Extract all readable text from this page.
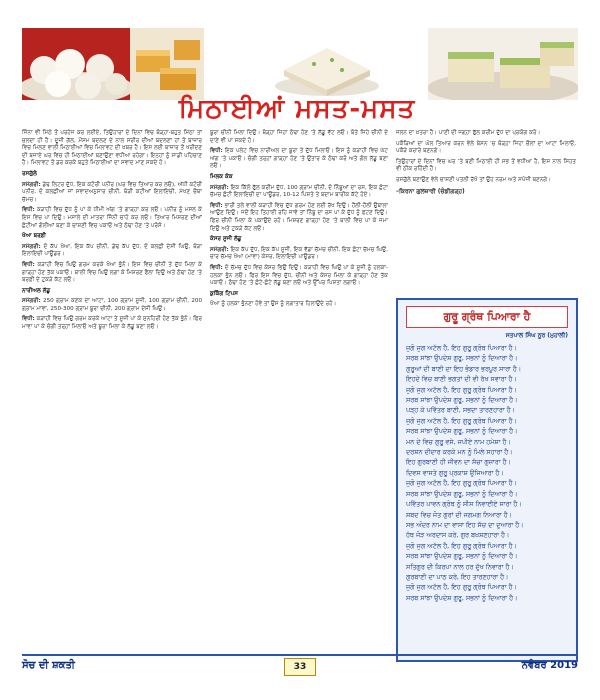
ਮਿਠਾਈਆਂ ਮਸਤ-ਮਸਤ

ਜਿੰਨਾ ਵੀ ਮਿੱਠੇ ਤੋਂ ਪਰਹੇਜ ਕਰ ਲਈਏ, ਤਿਉਹਾਰਾਂ ਦੇ ਦਿਨਾਂ ਵਿਚ ਥੋੜ੍ਹਾ-ਬਹੁਤ ਮਿੱਠਾ ਤਾਂ ਚਲਦਾ ਹੀ ਹੈ। ਦੂਜੀ ਗੱਲ, ਮੌਸਮ ਬਦਲਣ ਦੇ ਨਾਲ ਸਰੀਰ ਦੀਆਂ ਬਦਲਣਾਂ ਹਾਂ ਤੋਂ ਬਾਜ਼ਾਰ ਵਿਚ ਮਿਲਣ ਵਾਲੀ ਮਿਠਾਈਆਂ ਵਿਚ ਮਿਲਾਵਟ ਦੀ ਖ਼ਬਰ ਹੈ। ਇਸ ਲਈ ਬਾਜ਼ਾਰ ਤੋਂ ਖਰੀਦਣ ਦੀ ਬਜਾਏ ਘਰ ਵਿਚ ਹੀ ਮਿਠਾਈਆਂ ਬਣਾਉਣਾ ਵਧੀਆ ਰਹੇਗਾ। ਇਨ੍ਹਾਂ ਨੂੰ ਸਾਡੀ ਪਹਿਚਾਣ ਹੈ। ਮਿਲਾਵਟ ਤੋਂ ਡਰ ਕਰਕੇ ਬਹੁਤੇ ਮਿਠਾਈਆਂ ਦਾ ਸਵਾਦ ਮਾਣ ਸਕਦੇ ਹੋ।

ਰਸਗੁੱਲੇ

ਸਮੱਗਰੀ: ਡੇਢ ਲਿਟਰ ਦੁੱਧ, ਇਕ ਕਟੋਰੀ ਪਨੀਰ (ਘਰ ਵਿਚ ਤਿਆਰ ਕਰ ਲਓ), ਅੱਧੀ ਕਟੋਰੀ ਪਨੀਰ, ਦੋ ਕਲਛੀਆਂ ਜਾਂ ਸਵਾਦਅਨੁਸਾਰ ਚੀਨੀ, ਥੋੜੀ ਕਟੀਆਂ ਇਲਾਇਚੀ, ਮੱਖਣ ਚੌਥਾ ਚੱਮਚ।

ਵਿਧੀ: ਕੜਾਹੀ ਵਿਚ ਦੁੱਧ ਨੂੰ ਪਾ ਕੇ ਧੀਮੀ ਅੱਗ ’ਤੇ ਗਾੜ੍ਹਾ ਕਰ ਲਓ। ਪਨੀਰ ਨੂੰ ਮਸਲ ਕੇ ਇਸ ਵਿਚ ਪਾ ਦਿਉ। ਮਸਾਲੇ ਦੀ ਮਾਤਰਾ ਜਿੰਨੀ ਚਾਹੋ ਕਰ ਲਓ। ਤਿਆਰ ਮਿਸ਼ਰਣ ਦੀਆਂ ਛੋਟੀਆਂ ਗੋਲੀਆਂ ਬਣਾ ਕੇ ਚਾਸ਼ਣੀ ਵਿਚ ਪਕਾਓ ਅਤੇ ਠੰਢਾ ਹੋਣ ’ਤੇ ਪਰੋਸੋ।

ਖੋਆ ਬਰਫ਼ੀ

ਸਮੱਗਰੀ: ਦੋ ਕੱਪ ਖੋਆ, ਇਕ ਕੱਪ ਚੀਨੀ, ਡੇਢ ਕੱਪ ਦੁੱਧ, ਦੋ ਕਲਛੀ ਦੇਸੀ ਘਿਉ, ਥੋੜਾ ਇਲਾਇਚੀ ਪਾਊਡਰ।

ਵਿਧੀ: ਕੜਾਹੀ ਵਿਚ ਘਿਉ ਗਰਮ ਕਰਕੇ ਖੋਆ ਭੁੰਨੋ। ਇਸ ਵਿਚ ਚੀਨੀ ਤੇ ਦੁੱਧ ਮਿਲਾ ਕੇ ਗਾੜ੍ਹਾ ਹੋਣ ਤੱਕ ਪਕਾਓ। ਥਾਲੀ ਵਿਚ ਘਿਉ ਲਗਾ ਕੇ ਮਿਸ਼ਰਣ ਫੈਲਾ ਦਿਉ ਅਤੇ ਠੰਢਾ ਹੋਣ ’ਤੇ ਬਰਫ਼ੀ ਦੇ ਟੁਕੜੇ ਕੱਟ ਲਓ।

ਨਾਰੀਅਲ ਲੱਡੂ

ਸਮੱਗਰੀ: 250 ਗ੍ਰਾਮ ਕਣਕ ਦਾ ਆਟਾ, 100 ਗ੍ਰਾਮ ਸੂਜੀ, 100 ਗ੍ਰਾਮ ਚੀਨੀ, 200 ਗ੍ਰਾਮ ਮਾਵਾ, 250-300 ਗ੍ਰਾਮ ਬੂਰਾ ਚੀਨੀ, 200 ਗ੍ਰਾਮ ਦੇਸੀ ਘਿਉ।

ਵਿਧੀ: ਕੜਾਹੀ ਵਿਚ ਘਿਉ ਗਰਮ ਕਰਕੇ ਆਟਾ ਤੇ ਸੂਜੀ ਪਾ ਕੇ ਸੁਨਹਿਰੀ ਹੋਣ ਤੱਕ ਭੁੰਨੋ। ਫਿਰ ਮਾਵਾ ਪਾ ਕੇ ਚੰਗੀ ਤਰ੍ਹਾਂ ਮਿਲਾਓ ਅਤੇ ਬੂਰਾ ਮਿਲਾ ਕੇ ਲੱਡੂ ਬਣਾ ਲਓ।

ਬੂਰਾ ਚੀਨੀ ਮਿਲਾ ਦਿਉ। ਥੋੜ੍ਹਾ ਜਿਹਾ ਠੰਢਾ ਹੋਣ ’ਤੇ ਲੱਡੂ ਵੱਟ ਲਓ। ਬੋਤੇ ਜਿਹੇ ਚੀਨੀ ਦੇ ਦਾਣੇ ਵੀ ਪਾ ਸਕਦੇ ਹੋ।

ਵਿਧੀ: ਇਕ ਪਲੇਟ ਵਿਚ ਨਾਰੀਅਲ ਦਾ ਬੂਰਾ ਤੇ ਦੁੱਧ ਮਿਲਾਓ। ਇਸ ਨੂੰ ਕੜਾਹੀ ਵਿਚ ਘੱਟ ਅੱਗ ’ਤੇ ਪਕਾਓ। ਚੰਗੀ ਤਰ੍ਹਾਂ ਗਾੜ੍ਹਾ ਹੋਣ ’ਤੇ ਉਤਾਰ ਕੇ ਠੰਢਾ ਕਰੋ ਅਤੇ ਗੋਲ ਲੱਡੂ ਬਣਾ ਲਓ।

ਮਿਲਕ ਕੇਕ

ਸਮੱਗਰੀ: ਇਕ ਕਿੱਲੋ ਫੁੱਲ ਕਰੀਮ ਦੁੱਧ, 100 ਗ੍ਰਾਮ ਚੀਨੀ, ਦੋ ਨਿੰਬੂਆਂ ਦਾ ਰਸ, ਇਕ ਛੋਟਾ ਚੱਮਚ ਛੋਟੀ ਇਲਾਇਚੀ ਦਾ ਪਾਊਡਰ, 10-12 ਪਿਸ਼ਤੇ ਤੇ ਬਦਾਮ ਬਾਰੀਕ ਕੱਟੇ ਹੋਏ।

ਵਿਧੀ: ਭਾਰੀ ਤਲੇ ਵਾਲੀ ਕੜਾਹੀ ਵਿਚ ਦੁੱਧ ਗਰਮ ਹੋਣ ਲਈ ਰੱਖ ਦਿਉ। ਹੌਲੀ-ਹੌਲੀ ਉਬਾਲਾ ਆਉਣ ਦਿਉ। ਜਦੋਂ ਇਹ ਤਿਹਾਈ ਰਹਿ ਜਾਵੇ ਤਾਂ ਨਿੰਬੂ ਦਾ ਰਸ ਪਾ ਕੇ ਦੁੱਧ ਨੂੰ ਫਟਣ ਦਿਉ। ਫਿਰ ਚੀਨੀ ਮਿਲਾ ਕੇ ਪਕਾਉਂਦੇ ਰਹੋ। ਮਿਸ਼ਰਣ ਗਾੜ੍ਹਾ ਹੋਣ ’ਤੇ ਥਾਲੀ ਵਿਚ ਪਾ ਕੇ ਜਮਾ ਦਿਉ ਅਤੇ ਟੁਕੜੇ ਕੱਟ ਲਓ।

ਕੇਸਰ ਸੂਜੀ ਲੱਡੂ

ਸਮੱਗਰੀ: ਇਕ ਕੱਪ ਦੁੱਧ, ਇਕ ਕੱਪ ਸੂਜੀ, ਇਕ ਵੱਡਾ ਚੱਮਚ ਚੀਨੀ, ਇਕ ਛੋਟਾ ਚੱਮਚ ਘਿਉ, ਚਾਰ ਚੱਮਚ ਖੋਆ (ਮਾਵਾ) ਕੇਸਰ, ਇਲਾਇਚੀ ਪਾਊਡਰ।

ਵਿਧੀ: ਦੋ ਚੱਮਚ ਦੁੱਧ ਵਿਚ ਕੇਸਰ ਭਿਉਂ ਦਿਉ। ਕੜਾਹੀ ਵਿਚ ਘਿਉ ਪਾ ਕੇ ਸੂਜੀ ਨੂੰ ਹਲਕਾ-ਹਲਕਾ ਭੁੰਨ ਲਓ। ਫਿਰ ਇਸ ਵਿਚ ਦੁੱਧ, ਚੀਨੀ ਅਤੇ ਕੇਸਰ ਮਿਲਾ ਕੇ ਗਾੜ੍ਹਾ ਹੋਣ ਤੱਕ ਪਕਾਓ। ਠੰਢਾ ਹੋਣ ’ਤੇ ਛੋਟੇ-ਛੋਟੇ ਲੱਡੂ ਬਣਾ ਲਓ ਅਤੇ ਉੱਪਰ ਪਿਸ਼ਤਾ ਲਗਾਓ।

ਕੁਕਿੰਗ ਟਿਪਸ

ਖੋਆ ਨੂੰ ਹਲਕਾ ਭੁੰਨਣਾ ਹੋਵੇ ਤਾਂ ਉਸ ਨੂੰ ਲਗਾਤਾਰ ਹਿਲਾਉਂਦੇ ਰਹੋ।

ਜਲਨ ਦਾ ਖ਼ਤਰਾ ਹੈ। ਪਾਣੀ ਦੀ ਜਗ੍ਹਾ ਫੁੱਲ ਕਰੀਮ ਦੁੱਧ ਦਾ ਪ੍ਰਯੋਗ ਕਰੋ।

ਪਕੌੜਿਆਂ ਦਾ ਘੋਲ ਤਿਆਰ ਕਰਨ ਵੇਲੇ ਬੇਸਨ ’ਚ ਥੋੜ੍ਹਾ ਜਿਹਾ ਚੌਲਾਂ ਦਾ ਆਟਾ ਮਿਲਾਓ, ਪਕੌੜੇ ਕਰਾਰੇ ਬਣਨਗੇ।

ਤਿਉਹਾਰਾਂ ਦੇ ਦਿਨਾਂ ਵਿਚ ਘਰ ’ਤੇ ਬਣੀ ਮਿਠਾਈ ਹੀ ਸਭ ਤੋਂ ਵਧੀਆ ਹੈ, ਇਸ ਨਾਲ ਸਿਹਤ ਵੀ ਠੀਕ ਰਹਿੰਦੀ ਹੈ।

ਰਸਗੁੱਲੇ ਬਣਾਉਣ ਵੇਲੇ ਚਾਸ਼ਣੀ ਪਤਲੀ ਰੱਖੋ ਤਾਂ ਉਹ ਨਰਮ ਅਤੇ ਸਪੰਜੀ ਬਣਨਗੇ।

–ਕਿਰਨਾ ਗੁਲਜ਼ਾਰੀ (ਚੰਡੀਗੜ੍ਹ)

ਗੁਰੂ ਗ੍ਰੰਥ ਪਿਆਰਾ ਹੈ
ਸਤਪਾਲ ਸਿੰਘ ਨੂਰ (ਮੁਹਾਲੀ)
ਜੁਗੋ ਜੁਗ ਅਟੱਲ ਹੈ, ਇਹ ਗੁਰੂ ਗ੍ਰੰਥ ਪਿਆਰਾ ਹੈ।
ਸਰਬ ਸਾਂਝਾ ਉਪਦੇਸ਼ ਗੁਰੂ, ਸਭਨਾਂ ਨੂੰ ਦਿਆਰਾ ਹੈ।
ਗੁਰੂਆਂ ਦੀ ਬਾਣੀ ਦਾ ਇਹ ਭੰਡਾਰ ਭਰਪੂਰ ਸਾਰਾ ਹੈ।
ਇਹਦੇ ਵਿਚ ਬਾਣੀ ਭਗਤਾਂ ਦੀ ਵੀ ਰੱਖ ਸਵਾਰਾ ਹੈ।
ਜੁਗੋ ਜੁਗ ਅਟੱਲ ਹੈ, ਇਹ ਗੁਰੂ ਗ੍ਰੰਥ ਪਿਆਰਾ ਹੈ।
ਸਰਬ ਸਾਂਝਾ ਉਪਦੇਸ਼ ਗੁਰੂ, ਸਭਨਾਂ ਨੂੰ ਦਿਆਰਾ ਹੈ।
ਪੜ੍ਹ ਕੇ ਪਵਿੱਤਰ ਬਾਣੀ, ਸਭਦਾ ਤਾਰਣਹਾਰਾ ਹੈ।
ਜੁਗੋ ਜੁਗ ਅਟੱਲ ਹੈ, ਇਹ ਗੁਰੂ ਗ੍ਰੰਥ ਪਿਆਰਾ ਹੈ।
ਸਰਬ ਸਾਂਝਾ ਉਪਦੇਸ਼ ਗੁਰੂ, ਸਭਨਾਂ ਨੂੰ ਦਿਆਰਾ ਹੈ।
ਮਨ ਦੇ ਵਿਚ ਗੁਰੂ ਵਸੇ, ਜਪੀਏ ਨਾਮ ਹਮੇਸ਼ਾ ਹੈ।
ਦਰਸ਼ਨ ਦੀਦਾਰ ਕਰਕੇ ਮਨ ਨੂੰ ਮਿਲੇ ਸਹਾਰਾ ਹੈ।
ਇਹ ਗੁਰਬਾਣੀ ਹੀ ਜੀਵਨ ਦਾ ਸੱਚਾ ਗੁਜ਼ਾਰਾ ਹੈ।
ਦਿਵਸ ਵਾਸਤੇ ਗੁਰੂ ਪ੍ਰਕਾਸ਼ ਉਜਿਆਰਾ ਹੈ।
ਜੁਗੋ ਜੁਗ ਅਟੱਲ ਹੈ, ਇਹ ਗੁਰੂ ਗ੍ਰੰਥ ਪਿਆਰਾ ਹੈ।
ਸਰਬ ਸਾਂਝਾ ਉਪਦੇਸ਼ ਗੁਰੂ, ਸਭਨਾਂ ਨੂੰ ਦਿਆਰਾ ਹੈ।
ਪਵਿੱਤਰ ਪਾਵਨ ਗ੍ਰੰਥ ਨੂੰ ਸੀਸ ਨਿਵਾਈਏ ਸਾਰਾ ਹੈ।
ਸ਼ਬਦ ਵਿਚ ਜੋਤ ਗੁਰਾਂ ਦੀ ਜਗਮਗ ਨਿਆਰਾ ਹੈ।
ਸਭ ਅੰਦਰ ਨਾਮ ਦਾ ਵਾਸਾ ਇਹ ਸੱਚ ਦਾ ਦੁਆਰਾ ਹੈ।
ਹੱਥ ਜੋੜ ਅਰਦਾਸ ਕਰੇ, ਗੁਰ ਬਖ਼ਸ਼ਣਹਾਰਾ ਹੈ।
ਜੁਗੋ ਜੁਗ ਅਟੱਲ ਹੈ, ਇਹ ਗੁਰੂ ਗ੍ਰੰਥ ਪਿਆਰਾ ਹੈ।
ਸਰਬ ਸਾਂਝਾ ਉਪਦੇਸ਼ ਗੁਰੂ, ਸਭਨਾਂ ਨੂੰ ਦਿਆਰਾ ਹੈ।
ਸਤਿਗੁਰ ਦੀ ਕਿਰਪਾ ਨਾਲ ਹਰ ਦੁੱਖ ਨਿਵਾਰਾ ਹੈ।
ਗੁਰਬਾਣੀ ਦਾ ਪਾਠ ਕਰੇ, ਇਹ ਤਾਰਣਹਾਰਾ ਹੈ।
ਜੁਗੋ ਜੁਗ ਅਟੱਲ ਹੈ, ਇਹ ਗੁਰੂ ਗ੍ਰੰਥ ਪਿਆਰਾ ਹੈ।
ਸਰਬ ਸਾਂਝਾ ਉਪਦੇਸ਼ ਗੁਰੂ, ਸਭਨਾਂ ਨੂੰ ਦਿਆਰਾ ਹੈ।
ਸੋਚ ਦੀ ਸ਼ਕਤੀ	33	ਨਵੰਬਰ 2019
